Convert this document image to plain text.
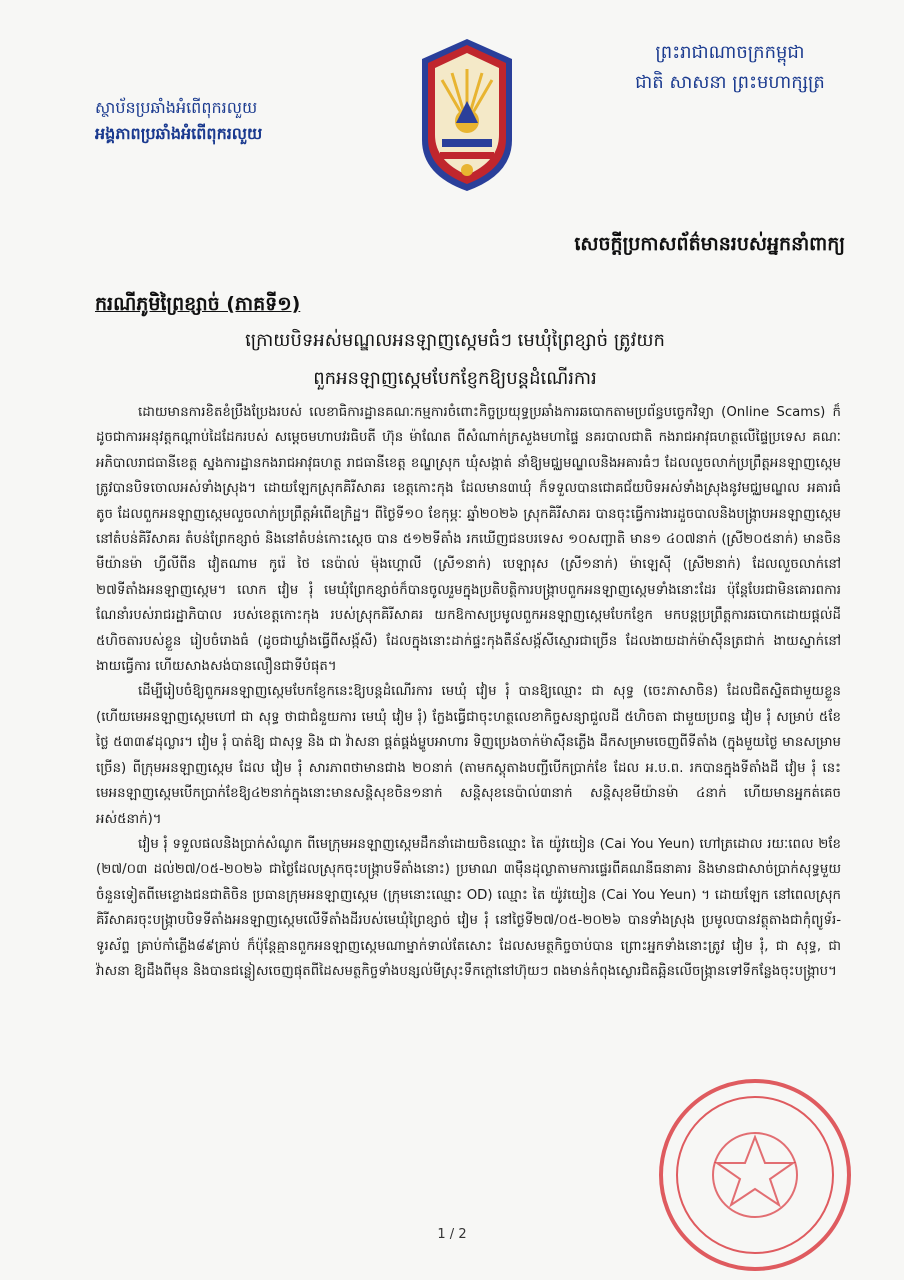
ស្ថាប័នប្រឆាំងអំពើពុករលួយ
អង្គភាពប្រឆាំងអំពើពុករលួយ
ព្រះរាជាណាចក្រកម្ពុជា
ជាតិ សាសនា ព្រះមហាក្សត្រ
សេចក្តីប្រកាសព័ត៌មានរបស់អ្នកនាំពាក្យ
ករណីភូមិព្រៃខ្សាច់ (ភាគទី១)
ក្រោយបិទអស់មណ្ឌលអនឡាញស្កេមធំៗ មេឃុំព្រៃខ្សាច់ ត្រូវយក
ពួកអនឡាញស្កេមបែកខ្ញែកឱ្យបន្តដំណើរការ

ដោយមានការខិតខំប្រឹងប្រែងរបស់ លេខាធិការដ្ឋានគណៈកម្មការចំពោះកិច្ចប្រយុទ្ធប្រឆាំងការឆបោកតាមប្រព័ន្ធបច្ចេកវិទ្យា (Online Scams) ក៏ដូចជាការអនុវត្តកណ្តាប់ដៃដែករបស់ សម្តេចមហាបវរធិបតី ហ៊ុន ម៉ាណែត ពីសំណាក់ក្រសួងមហាផ្ទៃ នគរបាលជាតិ កងរាជអាវុធហត្ថលើផ្ទៃប្រទេស គណៈអភិបាលរាជធានីខេត្ត ស្នងការដ្ឋានកងរាជអាវុធហត្ថ រាជធានីខេត្ត ខណ្ឌស្រុក ឃុំសង្កាត់ នាំឱ្យមជ្ឈមណ្ឌលនិងអគារធំៗ ដែលលួចលាក់ប្រព្រឹត្តអនឡាញស្កេម ត្រូវបានបិទចោលអស់ទាំងស្រុង។ ដោយឡែកស្រុកគិរីសាគរ ខេត្តកោះកុង ដែលមាន៣ឃុំ ក៏ទទួលបានជោគជ័យបិទអស់ទាំងស្រុងនូវមជ្ឈមណ្ឌល អគារធំតូច ដែលពួកអនឡាញស្កេមលួចលាក់ប្រព្រឹត្តអំពើឧក្រិដ្ឋ។ ពីថ្ងៃទី១០ ខែកុម្ភៈ ឆ្នាំ២០២៦ ស្រុកគិរីសាគរ បានចុះធ្វើការងារដួចបាលនិងបង្ក្រាបអនឡាញស្កេម នៅតំបន់គិរីសាគរ តំបន់ព្រែកខ្សាច់ និងនៅតំបន់កោះស្តេច បាន ៥១២ទីតាំង រកឃើញជនបរទេស ១០សញ្ជាតិ មាន១ ៤០៧នាក់ (ស្រី២០៥នាក់) មានចិន មីយ៉ានម៉ា ហ្វីលីពីន វៀតណាម កូរ៉េ ថៃ នេប៉ាល់ ម៉ុងហ្គោលី (ស្រី១នាក់) បេឡារុស (ស្រី១នាក់) ម៉ាឡេស៊ី (ស្រី២នាក់) ដែលលួចលាក់នៅ ២៧ទីតាំងអនឡាញស្កេម។ លោក វៀម រុំ មេឃុំព្រែកខ្សាច់ក៏បានចូលរួមក្នុងប្រតិបត្តិការបង្ក្រាបពួកអនឡាញស្កេមទាំងនោះដែរ ប៉ុន្តែបែរជាមិនគោរពការណែនាំរបស់រាជរដ្ឋាភិបាល របស់ខេត្តកោះកុង របស់ស្រុកគិរីសាគរ យកឱកាសប្រមូលពួកអនឡាញស្កេមបែកខ្ញែក មកបន្តប្រព្រឹត្តការឆបោកដោយផ្តល់ដី ៥ហិចតារបស់ខ្លួន រៀបចំរោងធំ (ដូចជាឃ្លាំងធ្វើពីសង្ក័សី) ដែលក្នុងនោះដាក់ផ្ទះកុងតឺន័សង្ក័សីស្មោរជាច្រើន ដែលងាយដាក់ម៉ាស៊ីនត្រជាក់ ងាយស្នាក់នៅ ងាយធ្វើការ ហើយសាងសង់បានលឿនជាទីបំផុត។

ដើម្បីរៀបចំឱ្យពួកអនឡាញស្កេមបែកខ្ញែកនេះឱ្យបន្តដំណើរការ មេឃុំ វៀម រុំ បានឱ្យឈ្មោះ ជា សុទ្ធ (ចេះភាសាចិន) ដែលជិតស្និតជាមួយខ្លួន (ហើយមេអនឡាញស្កេមហៅ ជា សុទ្ធ ថាជាជំនួយការ មេឃុំ វៀម រុំ) ក្លែងធ្វើជាចុះហត្ថលេខាកិច្ចសន្យាជួលដី ៥ហិចតា ជាមួយប្រពន្ធ វៀម រុំ សម្រាប់ ៥ខែ ថ្លៃ ៥៣៣៩ដុល្លារ។ វៀម រុំ បាត់ឱ្យ ជាសុទ្ធ និង ជា វ៉ាសនា ផ្គត់ផ្គង់ម្ហូបអាហារ ទិញប្រេងចាក់ម៉ាស៊ីនភ្លើង ដឹកសម្រាមចេញពីទីតាំង (ក្នុងមួយថ្ងៃ មានសម្រាមច្រើន) ពីក្រុមអនឡាញស្កេម ដែល វៀម រុំ សារភាពថាមានជាង ២០នាក់ (តាមកស្តុតាងបញ្ជីបើកប្រាក់ខែ ដែល អ.ប.ព. រកបានក្នុងទីតាំងដី វៀម រុំ នេះ មេអនឡាញស្កេមបើកប្រាក់ខែឱ្យ៤២នាក់ក្នុងនោះមានសន្តិសុខចិន១នាក់ សន្តិសុខនេប៉ាល់៣នាក់ សន្តិសុខមីយ៉ានម៉ា ៤នាក់ ហើយមានអ្នកត់គេចអស់៥នាក់)។

វៀម រុំ ទទួលផលនិងប្រាក់សំណូក ពីមេក្រុមអនឡាញស្កេមដឹកនាំដោយចិនឈ្មោះ តៃ យ៉ូវយៀន (Cai You Yeun) ហៅត្រដោល រយៈពេល ២ខែ (២៧/០៣ ដល់២៧/០៥-២០២៦ ជាថ្ងៃដែលស្រុកចុះបង្ក្រាបទីតាំងនោះ) ប្រមាណ ៣ម៉ឺនដុល្លាតាមការផ្ទេរពីគណនីធនាគារ និងមានជាសាច់ប្រាក់សុទ្ធមួយចំនួនទៀតពីមេខ្លោងជនជាតិចិន ប្រធានក្រុមអនឡាញស្កេម (ក្រុមនោះឈ្មោះ OD) ឈ្មោះ តៃ យ៉ូវយៀន (Cai You Yeun) ។ ដោយឡែក នៅពេលស្រុកគិរីសាគរចុះបង្ក្រាបបិទទីតាំងអនឡាញស្កេមលើទីតាំងដីរបស់មេឃុំព្រៃខ្សាច់ វៀម រុំ នៅថ្ងៃទី២៧/០៥-២០២៦ បានទាំងស្រុង ប្រមូលបានវត្ថុតាងជាកុំព្យូទ័រ-ទូរស័ព្ទ គ្រាប់កាំភ្លើង៨៩គ្រាប់ ក៏ប៉ុន្តែគ្មានពួកអនឡាញស្កេមណាម្នាក់ទាល់តែសោះ ដែលសមត្ថកិច្ចចាប់បាន ព្រោះអ្នកទាំងនោះត្រូវ វៀម រុំ, ជា សុទ្ធ, ជា វ៉ាសនា ឱ្យដឹងពីមុន និងបានជន្លៀសចេញផុតពីដៃសមត្ថកិច្ចទាំងបន្សល់មីស្រុះទឹកក្តៅនៅហ៊ុយៗ ពងមាន់កំពុងស្ងោរជិតឆ្អិនលើចង្ក្រានទៅទីកន្លែងចុះបង្ក្រាប។

1 / 2
